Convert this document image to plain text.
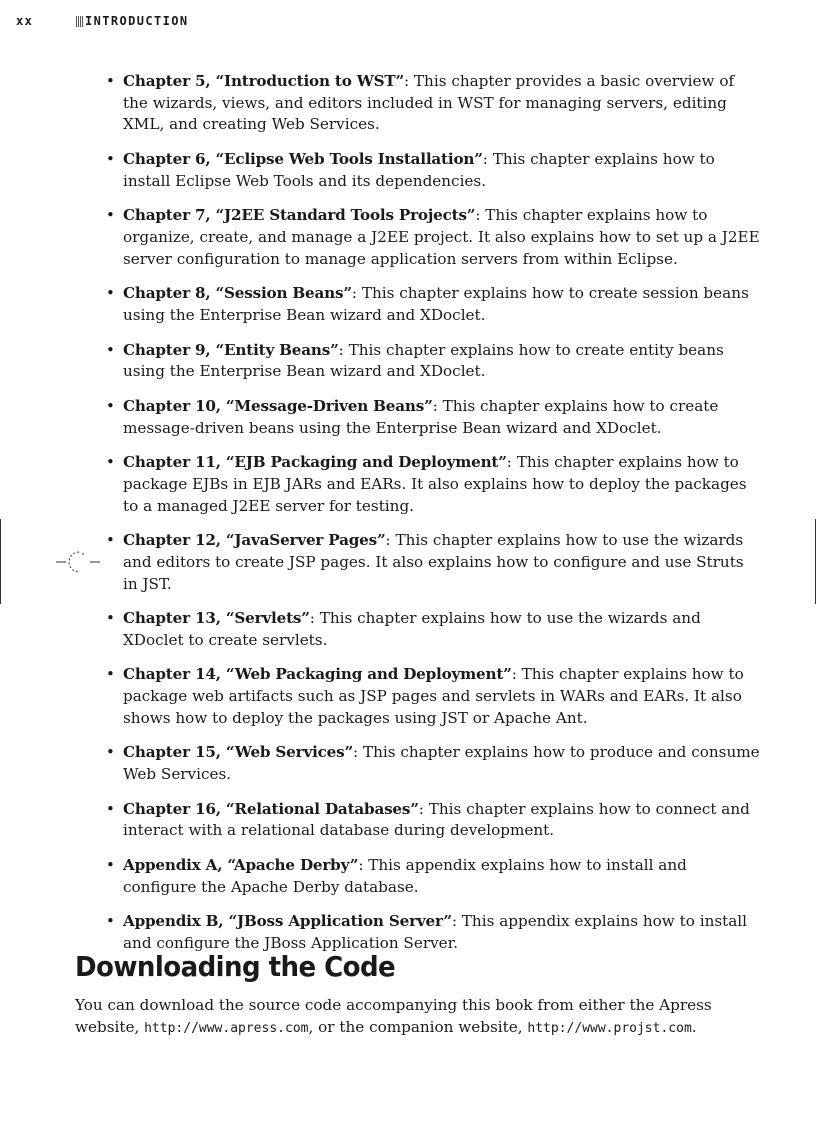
xx	INTRODUCTION
• Chapter 5, “Introduction to WST”: This chapter provides a basic overview of the wizards, views, and editors included in WST for managing servers, editing XML, and creating Web Services.
• Chapter 6, “Eclipse Web Tools Installation”: This chapter explains how to install Eclipse Web Tools and its dependencies.
• Chapter 7, “J2EE Standard Tools Projects”: This chapter explains how to organize, create, and manage a J2EE project. It also explains how to set up a J2EE server configuration to manage application servers from within Eclipse.
• Chapter 8, “Session Beans”: This chapter explains how to create session beans using the Enterprise Bean wizard and XDoclet.
• Chapter 9, “Entity Beans”: This chapter explains how to create entity beans using the Enterprise Bean wizard and XDoclet.
• Chapter 10, “Message-Driven Beans”: This chapter explains how to create message-driven beans using the Enterprise Bean wizard and XDoclet.
• Chapter 11, “EJB Packaging and Deployment”: This chapter explains how to package EJBs in EJB JARs and EARs. It also explains how to deploy the packages to a managed J2EE server for testing.
• Chapter 12, “JavaServer Pages”: This chapter explains how to use the wizards and editors to create JSP pages. It also explains how to configure and use Struts in JST.
• Chapter 13, “Servlets”: This chapter explains how to use the wizards and XDoclet to create servlets.
• Chapter 14, “Web Packaging and Deployment”: This chapter explains how to package web artifacts such as JSP pages and servlets in WARs and EARs. It also shows how to deploy the packages using JST or Apache Ant.
• Chapter 15, “Web Services”: This chapter explains how to produce and consume Web Services.
• Chapter 16, “Relational Databases”: This chapter explains how to connect and interact with a relational database during development.
• Appendix A, “Apache Derby”: This appendix explains how to install and configure the Apache Derby database.
• Appendix B, “JBoss Application Server”: This appendix explains how to install and configure the JBoss Application Server.
Downloading the Code

You can download the source code accompanying this book from either the Apress website, http://www.apress.com, or the companion website, http://www.projst.com.
